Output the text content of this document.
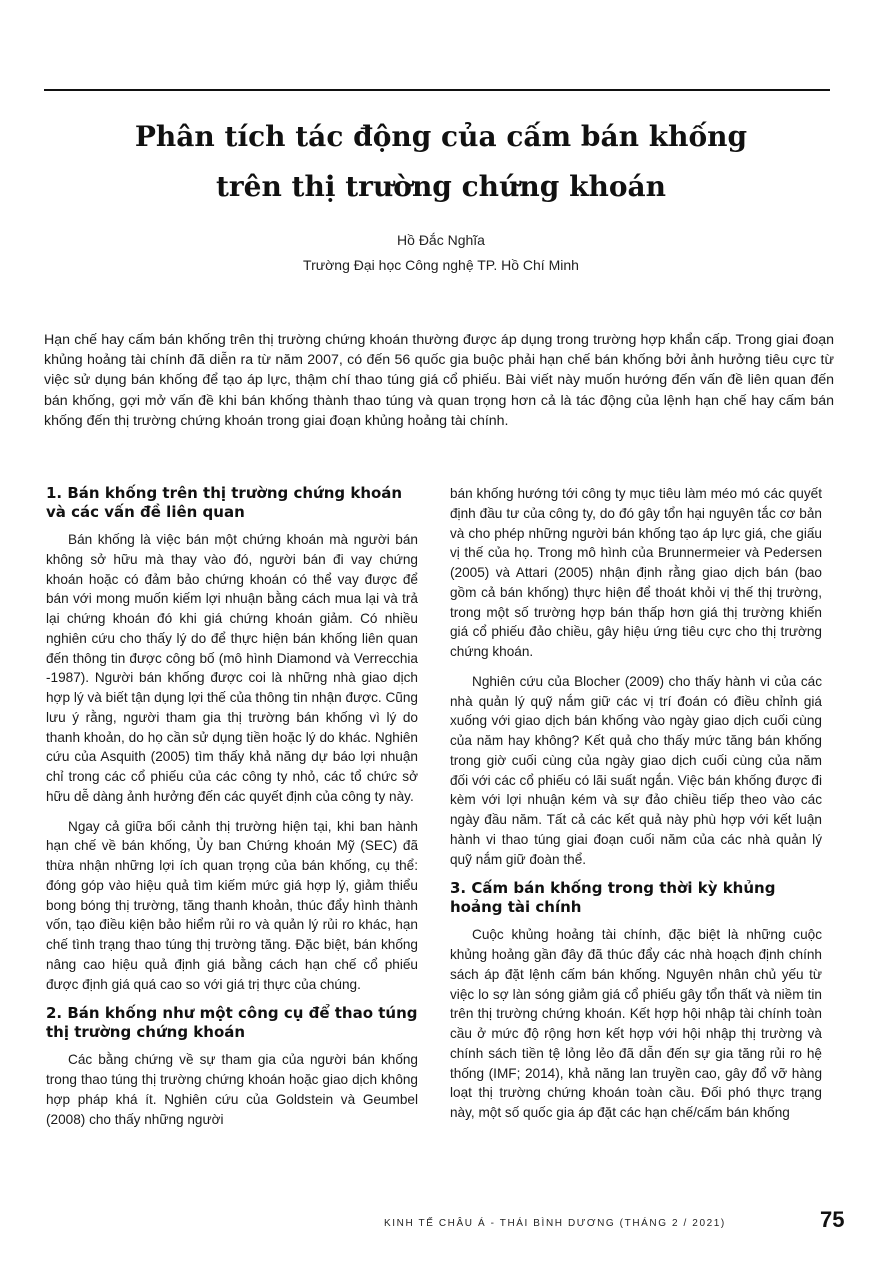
Phân tích tác động của cấm bán khống
trên thị trường chứng khoán
Hồ Đắc Nghĩa
Trường Đại học Công nghệ TP. Hồ Chí Minh

Hạn chế hay cấm bán khống trên thị trường chứng khoán thường được áp dụng trong trường hợp khẩn cấp. Trong giai đoạn khủng hoảng tài chính đã diễn ra từ năm 2007, có đến 56 quốc gia buộc phải hạn chế bán khống bởi ảnh hưởng tiêu cực từ việc sử dụng bán khống để tạo áp lực, thậm chí thao túng giá cổ phiếu. Bài viết này muốn hướng đến vấn đề liên quan đến bán khống, gợi mở vấn đề khi bán khống thành thao túng và quan trọng hơn cả là tác động của lệnh hạn chế hay cấm bán khống đến thị trường chứng khoán trong giai đoạn khủng hoảng tài chính.

1. Bán khống trên thị trường chứng khoán và các vấn đề liên quan

Bán khống là việc bán một chứng khoán mà người bán không sở hữu mà thay vào đó, người bán đi vay chứng khoán hoặc có đảm bảo chứng khoán có thể vay được để bán với mong muốn kiếm lợi nhuận bằng cách mua lại và trả lại chứng khoán đó khi giá chứng khoán giảm. Có nhiều nghiên cứu cho thấy lý do để thực hiện bán khống liên quan đến thông tin được công bố (mô hình Diamond và Verrecchia -1987). Người bán khống được coi là những nhà giao dịch hợp lý và biết tận dụng lợi thế của thông tin nhận được. Cũng lưu ý rằng, người tham gia thị trường bán khống vì lý do thanh khoản, do họ cần sử dụng tiền hoặc lý do khác. Nghiên cứu của Asquith (2005) tìm thấy khả năng dự báo lợi nhuận chỉ trong các cổ phiếu của các công ty nhỏ, các tổ chức sở hữu dễ dàng ảnh hưởng đến các quyết định của công ty này.

Ngay cả giữa bối cảnh thị trường hiện tại, khi ban hành hạn chế về bán khống, Ủy ban Chứng khoán Mỹ (SEC) đã thừa nhận những lợi ích quan trọng của bán khống, cụ thể: đóng góp vào hiệu quả tìm kiếm mức giá hợp lý, giảm thiểu bong bóng thị trường, tăng thanh khoản, thúc đẩy hình thành vốn, tạo điều kiện bảo hiểm rủi ro và quản lý rủi ro khác, hạn chế tình trạng thao túng thị trường tăng. Đặc biệt, bán khống nâng cao hiệu quả định giá bằng cách hạn chế cổ phiếu được định giá quá cao so với giá trị thực của chúng.

2. Bán khống như một công cụ để thao túng thị trường chứng khoán

Các bằng chứng về sự tham gia của người bán khống trong thao túng thị trường chứng khoán hoặc giao dịch không hợp pháp khá ít. Nghiên cứu của Goldstein và Geumbel (2008) cho thấy những người

bán khống hướng tới công ty mục tiêu làm méo mó các quyết định đầu tư của công ty, do đó gây tổn hại nguyên tắc cơ bản và cho phép những người bán khống tạo áp lực giá, che giấu vị thế của họ. Trong mô hình của Brunnermeier và Pedersen (2005) và Attari (2005) nhận định rằng giao dịch bán (bao gồm cả bán khống) thực hiện để thoát khỏi vị thế thị trường, trong một số trường hợp bán thấp hơn giá thị trường khiến giá cổ phiếu đảo chiều, gây hiệu ứng tiêu cực cho thị trường chứng khoán.

Nghiên cứu của Blocher (2009) cho thấy hành vi của các nhà quản lý quỹ nắm giữ các vị trí đoán có điều chỉnh giá xuống với giao dịch bán khống vào ngày giao dịch cuối cùng của năm hay không? Kết quả cho thấy mức tăng bán khống trong giờ cuối cùng của ngày giao dịch cuối cùng của năm đối với các cổ phiếu có lãi suất ngắn. Việc bán khống được đi kèm với lợi nhuận kém và sự đảo chiều tiếp theo vào các ngày đầu năm. Tất cả các kết quả này phù hợp với kết luận hành vi thao túng giai đoạn cuối năm của các nhà quản lý quỹ nắm giữ đoàn thể.

3. Cấm bán khống trong thời kỳ khủng hoảng tài chính

Cuộc khủng hoảng tài chính, đặc biệt là những cuộc khủng hoảng gần đây đã thúc đẩy các nhà hoạch định chính sách áp đặt lệnh cấm bán khống. Nguyên nhân chủ yếu từ việc lo sợ làn sóng giảm giá cổ phiếu gây tổn thất và niềm tin trên thị trường chứng khoán. Kết hợp hội nhập tài chính toàn cầu ở mức độ rộng hơn kết hợp với hội nhập thị trường và chính sách tiền tệ lỏng lẻo đã dẫn đến sự gia tăng rủi ro hệ thống (IMF; 2014), khả năng lan truyền cao, gây đổ vỡ hàng loạt thị trường chứng khoán toàn cầu. Đối phó thực trạng này, một số quốc gia áp đặt các hạn chế/cấm bán khống

KINH TẾ CHÂU Á - THÁI BÌNH DƯƠNG (THÁNG 2 / 2021)	75
